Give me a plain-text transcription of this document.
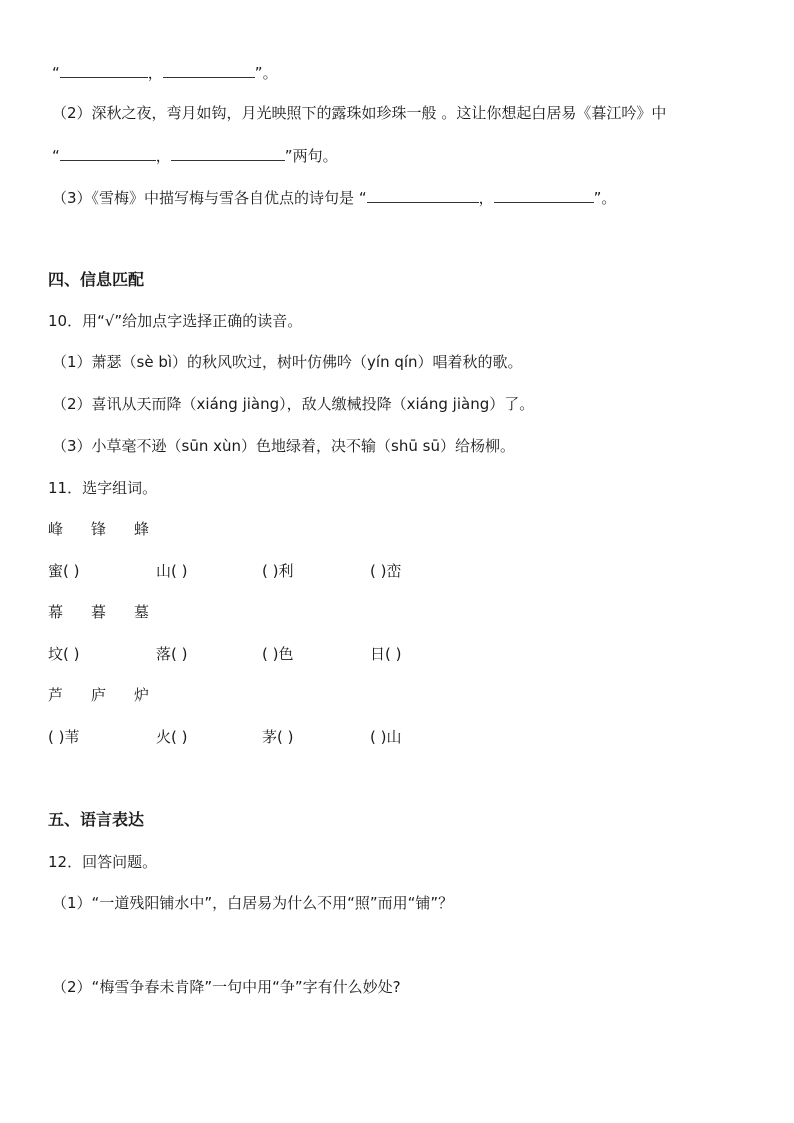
“	，	”。
（2）深秋之夜，弯月如钩，月光映照下的露珠如珍珠一般 。这让你想起白居易《暮江吟》中
“	，	”两句。
（3）《雪梅》中描写梅与雪各自优点的诗句是 “	，	”。
四、信息匹配
10．用“√”给加点字选择正确的读音。
（1）萧瑟（sè bì）的秋风吹过，树叶仿佛吟（yín qín）唱着秋的歌。
（2）喜讯从天而降（xiáng jiàng），敌人缴械投降（xiáng jiàng）了。
（3）小草毫不逊（sūn xùn）色地绿着，决不输（shū sū）给杨柳。
11．选字组词。
峰 锋 蜂
蜜( )	山( )	( )利	( )峦
幕 暮 墓
坟( )	落( )	( )色	日( )
芦 庐 炉
( )苇	火( )	茅( )	( )山
五、语言表达
12．回答问题。
（1）“一道残阳铺水中”，白居易为什么不用“照”而用“铺”？
（2）“梅雪争春未肯降”一句中用“争”字有什么妙处?
